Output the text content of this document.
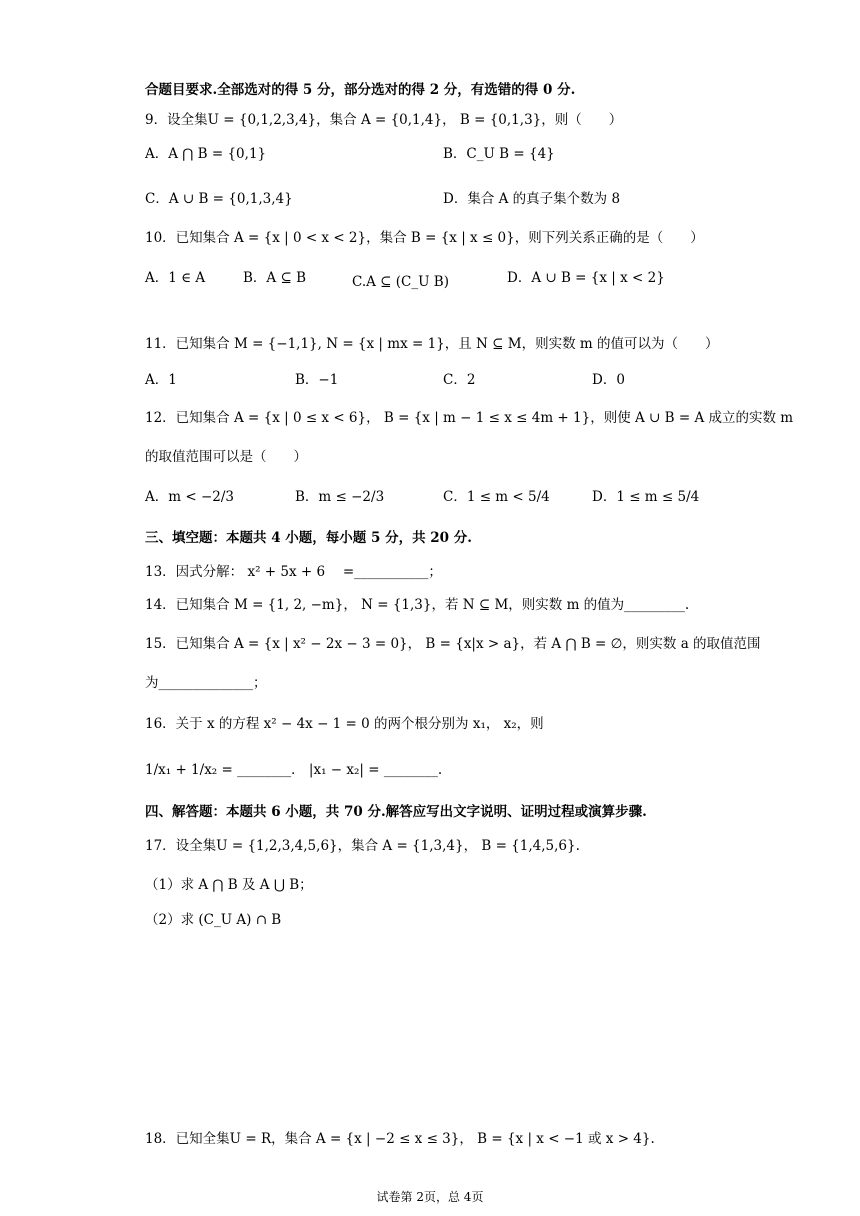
合题目要求.全部选对的得 5 分，部分选对的得 2 分，有选错的得 0 分.
9．设全集U = {0,1,2,3,4}，集合 A = {0,1,4}， B = {0,1,3}，则（　　）
A．A ⋂ B = {0,1}	B．C_U B = {4}
C．A ∪ B = {0,1,3,4}	D．集合 A 的真子集个数为 8
10．已知集合 A = {x | 0 < x < 2}，集合 B = {x | x ≤ 0}，则下列关系正确的是（　　）
A．1 ∈ A	B．A ⊆ B	C.A ⊆ (C_U B)	D．A ∪ B = {x | x < 2}
11．已知集合 M = {−1,1}, N = {x | mx = 1}，且 N ⊆ M，则实数 m 的值可以为（　　）
A．1	B．−1	C．2	D．0
12．已知集合 A = {x | 0 ≤ x < 6}， B = {x | m − 1 ≤ x ≤ 4m + 1}，则使 A ∪ B = A 成立的实数 m
的取值范围可以是（　　）
A．m < −2/3	B．m ≤ −2/3	C．1 ≤ m < 5/4	D．1 ≤ m ≤ 5/4
三、填空题：本题共 4 小题，每小题 5 分，共 20 分.
13．因式分解： x² + 5x + 6 　=___________；
14．已知集合 M = {1, 2, −m}， N = {1,3}，若 N ⊆ M，则实数 m 的值为_________.
15．已知集合 A = {x | x² − 2x − 3 = 0}， B = {x|x > a}，若 A ⋂ B = ∅，则实数 a 的取值范围
为______________；
16．关于 x 的方程 x² − 4x − 1 = 0 的两个根分别为 x₁， x₂，则
1/x₁ + 1/x₂ = ________． |x₁ − x₂| = ________.
四、解答题：本题共 6 小题，共 70 分.解答应写出文字说明、证明过程或演算步骤.
17．设全集U = {1,2,3,4,5,6}，集合 A = {1,3,4}， B = {1,4,5,6}.
（1）求 A ⋂ B 及 A ⋃ B；
（2）求 (C_U A) ∩ B
18．已知全集U = R，集合 A = {x | −2 ≤ x ≤ 3}， B = {x | x < −1 或 x > 4}.
试卷第 2页，总 4页
